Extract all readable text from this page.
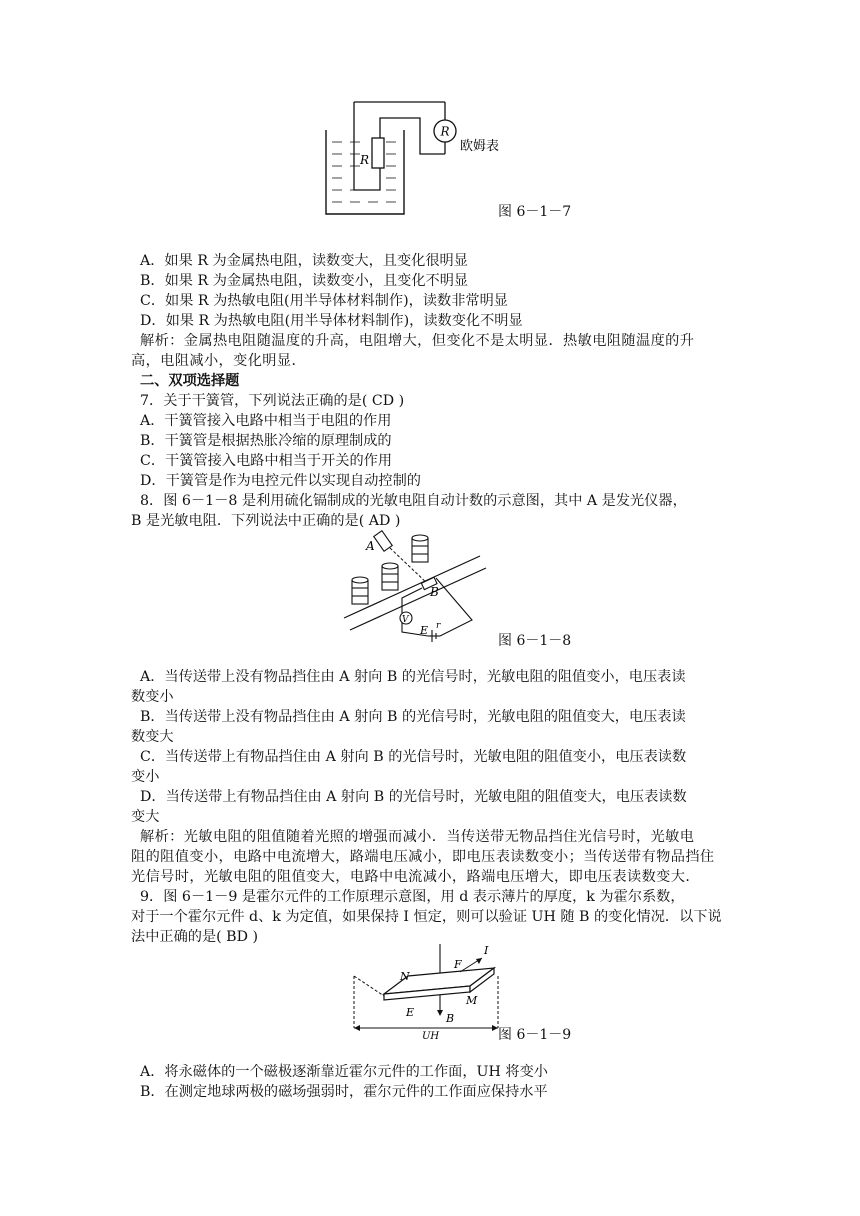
R
R
欧姆表
图 6－1－7
A．如果 R 为金属热电阻，读数变大，且变化很明显
B．如果 R 为金属热电阻，读数变小，且变化不明显
C．如果 R 为热敏电阻(用半导体材料制作)，读数非常明显
D．如果 R 为热敏电阻(用半导体材料制作)，读数变化不明显
解析：金属热电阻随温度的升高，电阻增大，但变化不是太明显．热敏电阻随温度的升
高，电阻减小，变化明显．
二、双项选择题
7．关于干簧管，下列说法正确的是( CD )
A．干簧管接入电路中相当于电阻的作用
B．干簧管是根据热胀冷缩的原理制成的
C．干簧管接入电路中相当于开关的作用
D．干簧管是作为电控元件以实现自动控制的
8．图 6－1－8 是利用硫化镉制成的光敏电阻自动计数的示意图，其中 A 是发光仪器，
B 是光敏电阻．下列说法中正确的是( AD )
A
B
V
E r
图 6－1－8
A．当传送带上没有物品挡住由 A 射向 B 的光信号时，光敏电阻的阻值变小，电压表读
数变小
B．当传送带上没有物品挡住由 A 射向 B 的光信号时，光敏电阻的阻值变大，电压表读
数变大
C．当传送带上有物品挡住由 A 射向 B 的光信号时，光敏电阻的阻值变小，电压表读数
变小
D．当传送带上有物品挡住由 A 射向 B 的光信号时，光敏电阻的阻值变大，电压表读数
变大
解析：光敏电阻的阻值随着光照的增强而减小．当传送带无物品挡住光信号时，光敏电
阻的阻值变小，电路中电流增大，路端电压减小，即电压表读数变小；当传送带有物品挡住
光信号时，光敏电阻的阻值变大，电路中电流减小，路端电压增大，即电压表读数变大．
9．图 6－1－9 是霍尔元件的工作原理示意图，用 d 表示薄片的厚度，k 为霍尔系数，
对于一个霍尔元件 d、k 为定值，如果保持 I 恒定，则可以验证 UH 随 B 的变化情况．以下说
法中正确的是( BD )
F
I
N
M
E	B
UH	图 6－1－9
A．将永磁体的一个磁极逐渐靠近霍尔元件的工作面，UH 将变小
B．在测定地球两极的磁场强弱时，霍尔元件的工作面应保持水平
